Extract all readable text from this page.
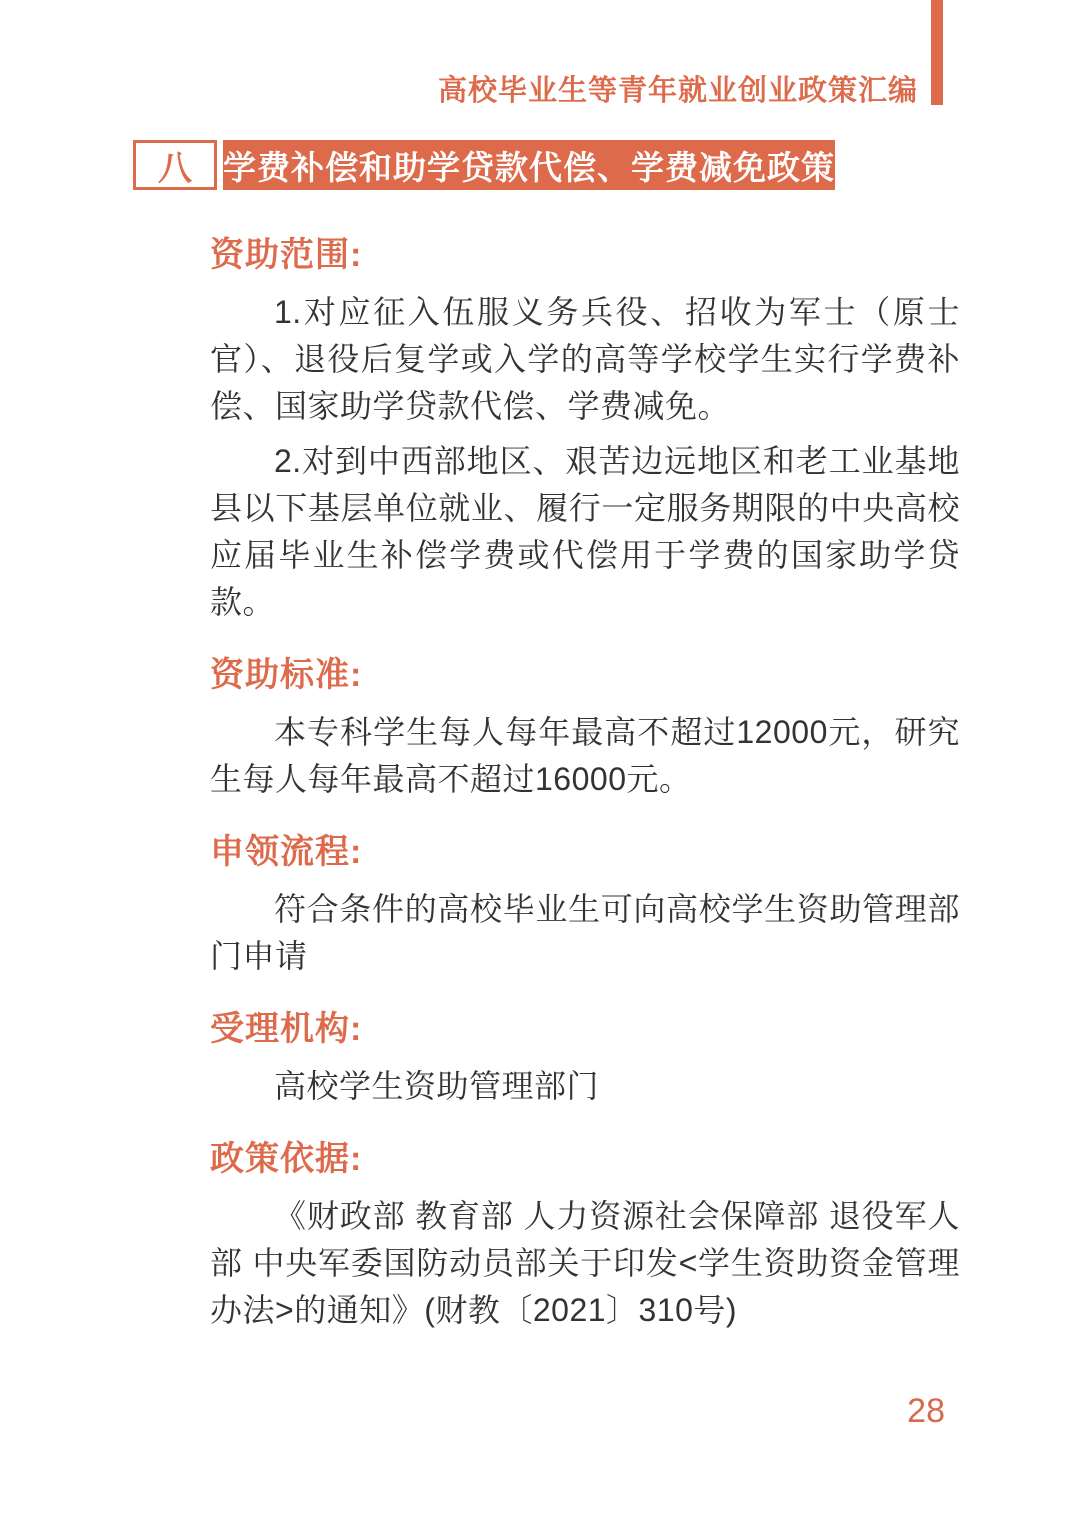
高校毕业生等青年就业创业政策汇编
八 学费补偿和助学贷款代偿、学费减免政策
资助范围:

1.对应征入伍服义务兵役、招收为军士（原士官）、退役后复学或入学的高等学校学生实行学费补偿、国家助学贷款代偿、学费减免。

2.对到中西部地区、艰苦边远地区和老工业基地县以下基层单位就业、履行一定服务期限的中央高校应届毕业生补偿学费或代偿用于学费的国家助学贷款。

资助标准:

本专科学生每人每年最高不超过12000元，研究生每人每年最高不超过16000元。

申领流程:

符合条件的高校毕业生可向高校学生资助管理部门申请

受理机构:

高校学生资助管理部门

政策依据:

《财政部 教育部 人力资源社会保障部 退役军人部 中央军委国防动员部关于印发<学生资助资金管理办法>的通知》(财教〔2021〕310号)

28
